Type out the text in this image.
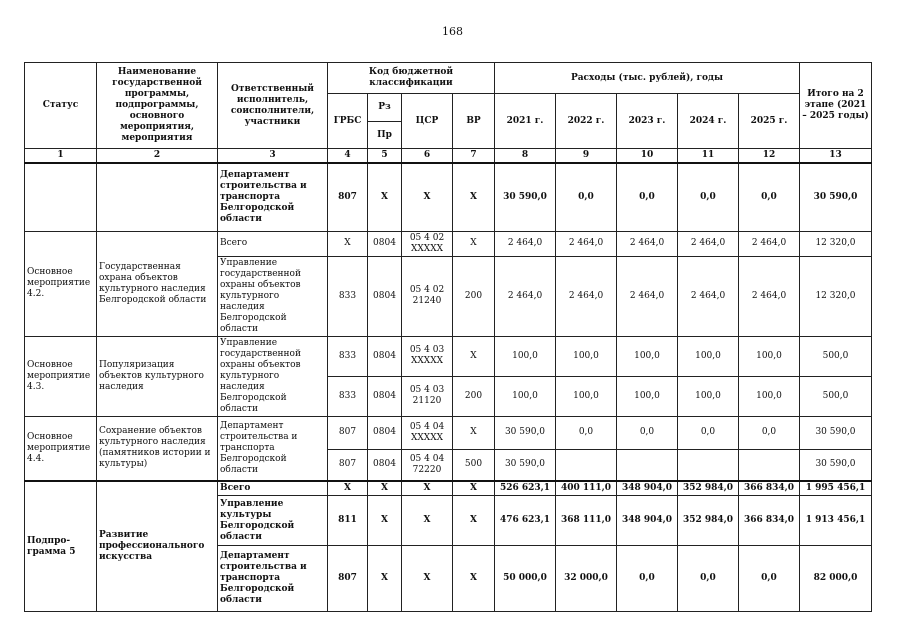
168
Статус	Наименование государственной программы, подпрограммы, основного мероприятия, мероприятия	Ответственный исполнитель, соисполнители, участники	Код бюджетной классификации				Расходы (тыс. рублей), годы					Итого на 2 этапе (2021 – 2025 годы)
			ГРБС	Рз	ЦСР	ВР	2021 г.	2022 г.	2023 г.	2024 г.	2025 г.	
				Пр								
1	2	3	4	5	6	7	8	9	10	11	12	13
		Департамент строительства и транспорта Белгородской области	807	Х	Х	Х	30 590,0	0,0	0,0	0,0	0,0	30 590,0
Основное мероприятие 4.2.	Государственная охрана объектов культурного наследия Белгородской области	Всего	Х	0804	05 4 02 ХХХХХ	Х	2 464,0	2 464,0	2 464,0	2 464,0	2 464,0	12 320,0
		Управление государственной охраны объектов культурного наследия Белгородской области	833	0804	05 4 02 21240	200	2 464,0	2 464,0	2 464,0	2 464,0	2 464,0	12 320,0
Основное мероприятие 4.3.	Популяризация объектов культурного наследия	Управление государственной охраны объектов культурного наследия Белгородской области	833	0804	05 4 03 ХХХХХ	Х	100,0	100,0	100,0	100,0	100,0	500,0
			833	0804	05 4 03 21120	200	100,0	100,0	100,0	100,0	100,0	500,0
Основное мероприятие 4.4.	Сохранение объектов культурного наследия (памятников истории и культуры)	Департамент строительства и транспорта Белгородской области	807	0804	05 4 04 ХХХХХ	Х	30 590,0	0,0	0,0	0,0	0,0	30 590,0
			807	0804	05 4 04 72220	500	30 590,0					30 590,0
Подпро-грамма 5	Развитие профессионального искусства	Всего	Х	Х	Х	Х	526 623,1	400 111,0	348 904,0	352 984,0	366 834,0	1 995 456,1
		Управление культуры Белгородской области	811	Х	Х	Х	476 623,1	368 111,0	348 904,0	352 984,0	366 834,0	1 913 456,1
		Департамент строительства и транспорта Белгородской области	807	Х	Х	Х	50 000,0	32 000,0	0,0	0,0	0,0	82 000,0
